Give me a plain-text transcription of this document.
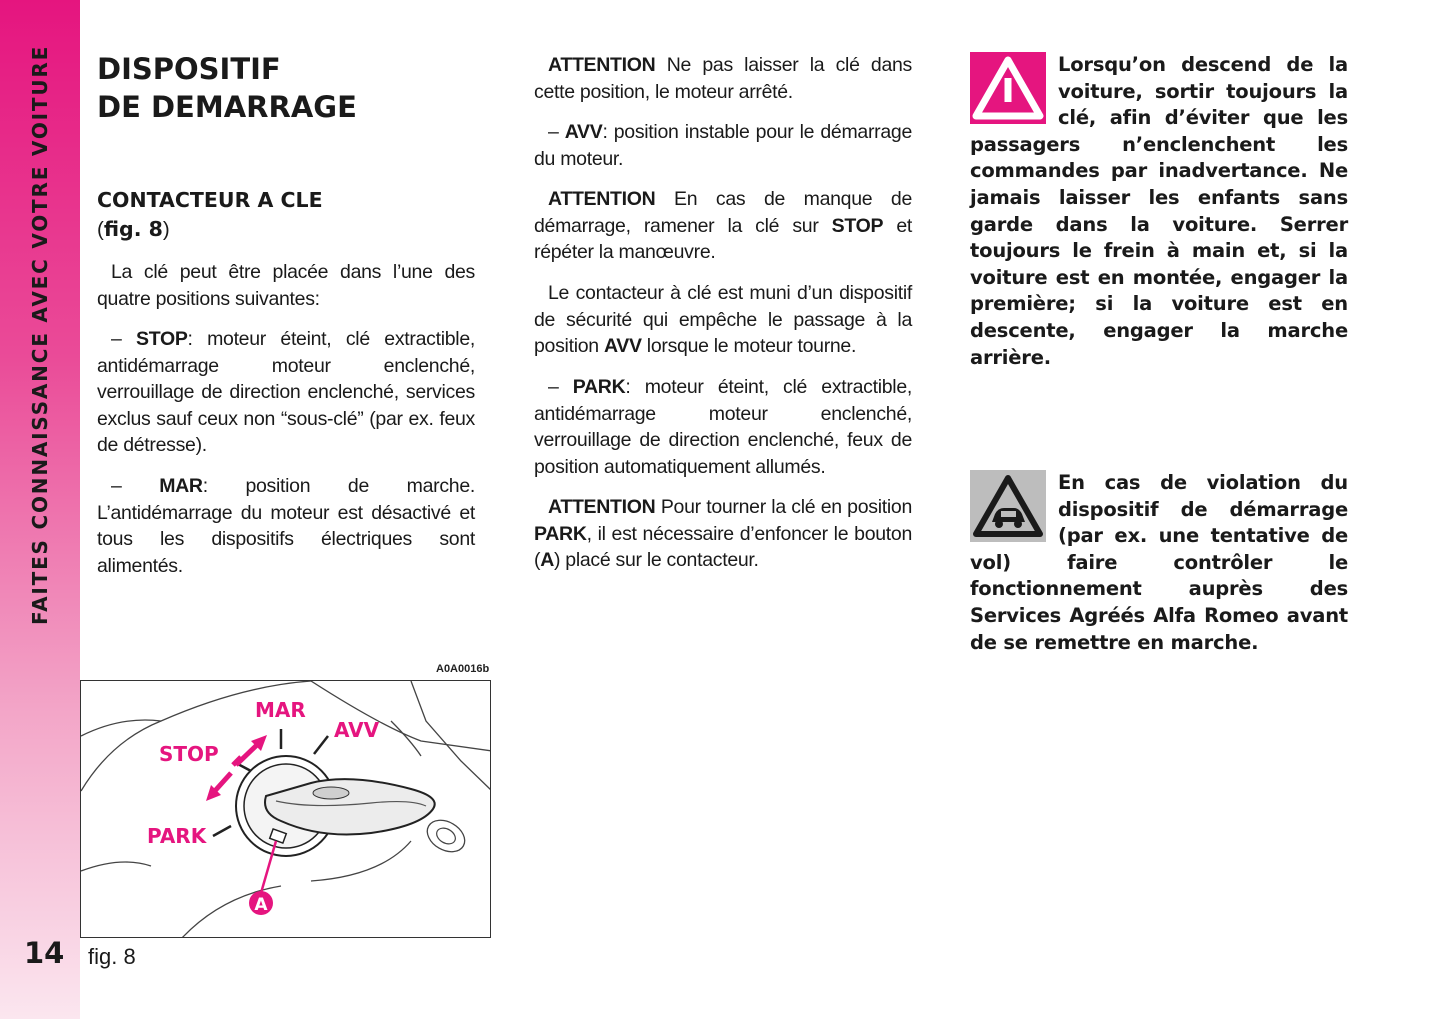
FAITES CONNAISSANCE AVEC VOTRE VOITURE
14
DISPOSITIF
DE DEMARRAGE
CONTACTEUR A CLE
(fig. 8)

La clé peut être placée dans l’une des quatre positions suivantes:

– STOP: moteur éteint, clé extractible, antidémarrage moteur enclenché, verrouillage de direction enclenché, services exclus sauf ceux non “sous-clé” (par ex. feux de détresse).

– MAR: position de marche. L’antidémarrage du moteur est désactivé et tous les dispositifs électriques sont alimentés.

ATTENTION Ne pas laisser la clé dans cette position, le moteur arrêté.

– AVV: position instable pour le démarrage du moteur.

ATTENTION En cas de manque de démarrage, ramener la clé sur STOP et répéter la manœuvre.

Le contacteur à clé est muni d’un dispositif de sécurité qui empêche le passage à la position AVV lorsque le moteur tourne.

– PARK: moteur éteint, clé extractible, antidémarrage moteur enclenché, verrouillage de direction enclenché, feux de position automatiquement allumés.

ATTENTION Pour tourner la clé en position PARK, il est nécessaire d’enfoncer le bouton (A) placé sur le contacteur.

Lorsqu’on descend de la voiture, sortir toujours la clé, afin d’éviter que les passagers n’enclenchent les commandes par inadvertance. Ne jamais laisser les enfants sans garde dans la voiture. Serrer toujours le frein à main et, si la voiture est en montée, engager la première; si la voiture est en descente, engager la marche arrière.
En cas de violation du dispositif de démarrage (par ex. une tentative de vol) faire contrôler le fonctionnement auprès des Services Agréés Alfa Romeo avant de se remettre en marche.
A0A0016b
A
MAR
AVV
STOP
PARK
fig. 8
